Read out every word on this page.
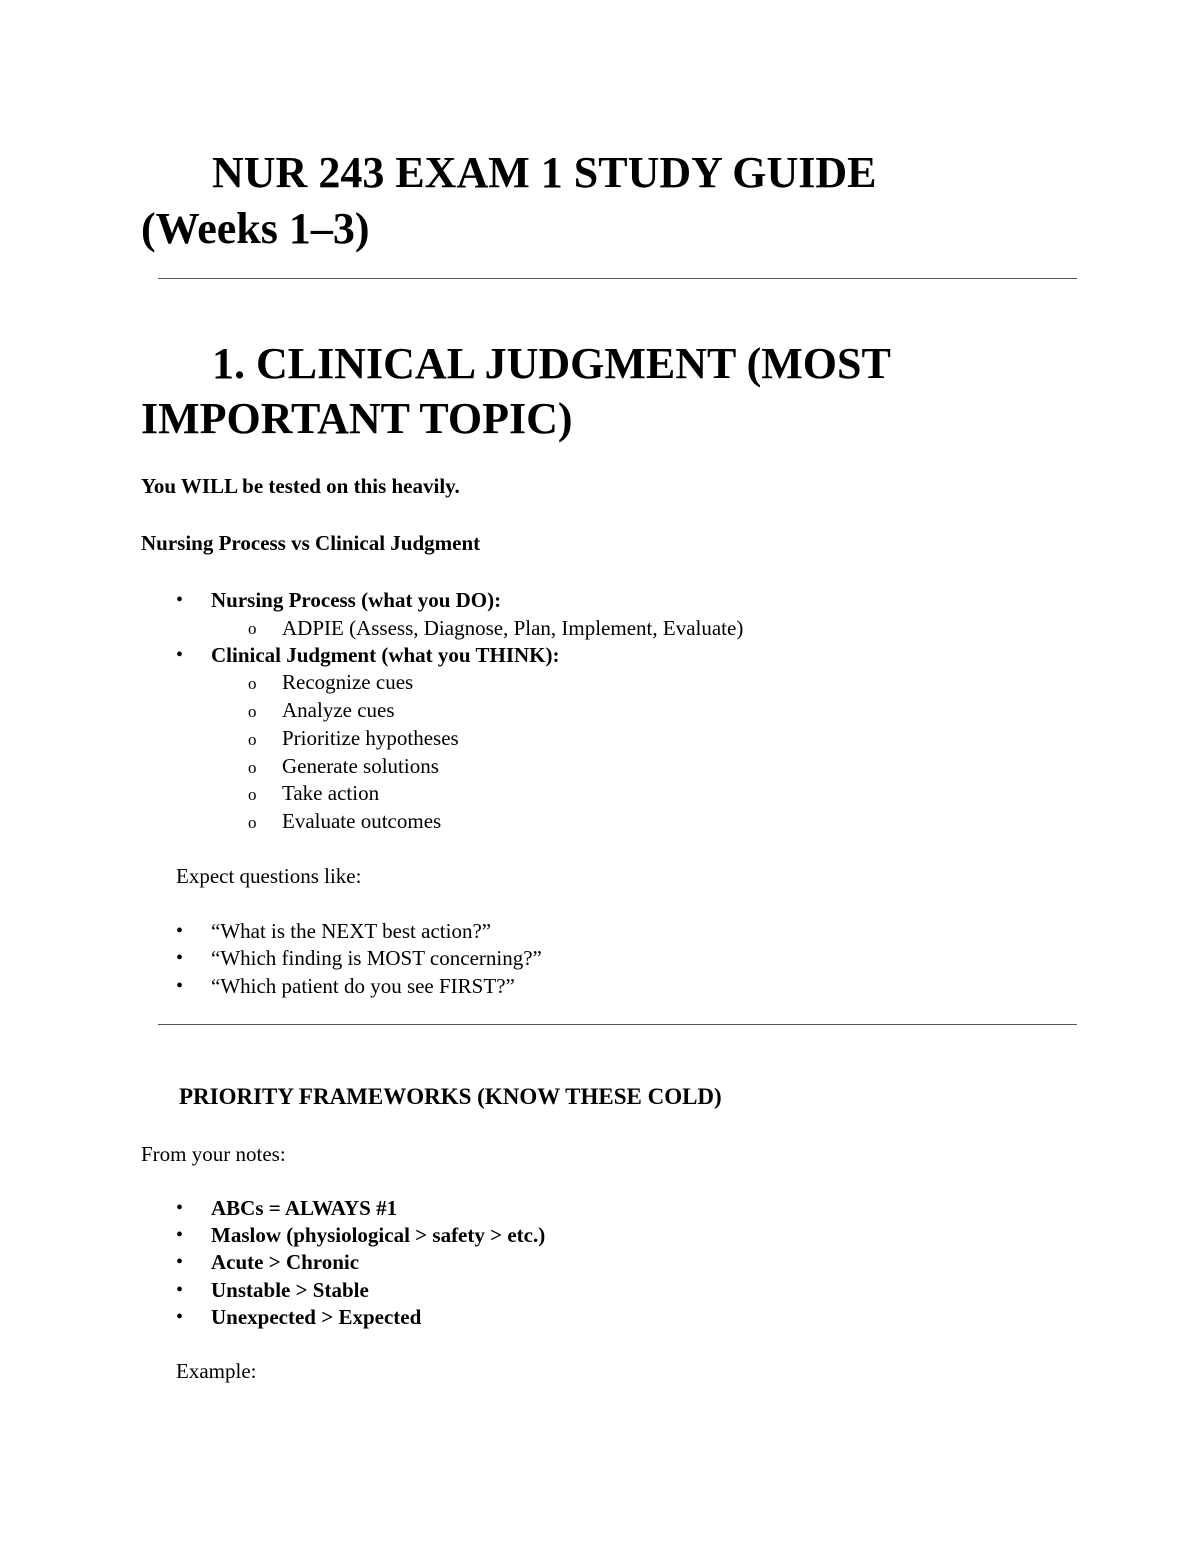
NUR 243 EXAM 1 STUDY GUIDE
(Weeks 1–3)
1. CLINICAL JUDGMENT (MOST
IMPORTANT TOPIC)
You WILL be tested on this heavily.
Nursing Process vs Clinical Judgment
• Nursing Process (what you DO):
o ADPIE (Assess, Diagnose, Plan, Implement, Evaluate)
• Clinical Judgment (what you THINK):
o Recognize cues
o Analyze cues
o Prioritize hypotheses
o Generate solutions
o Take action
o Evaluate outcomes
Expect questions like:
• “What is the NEXT best action?”
• “Which finding is MOST concerning?”
• “Which patient do you see FIRST?”
PRIORITY FRAMEWORKS (KNOW THESE COLD)
From your notes:
• ABCs = ALWAYS #1
• Maslow (physiological > safety > etc.)
• Acute > Chronic
• Unstable > Stable
• Unexpected > Expected
Example:
